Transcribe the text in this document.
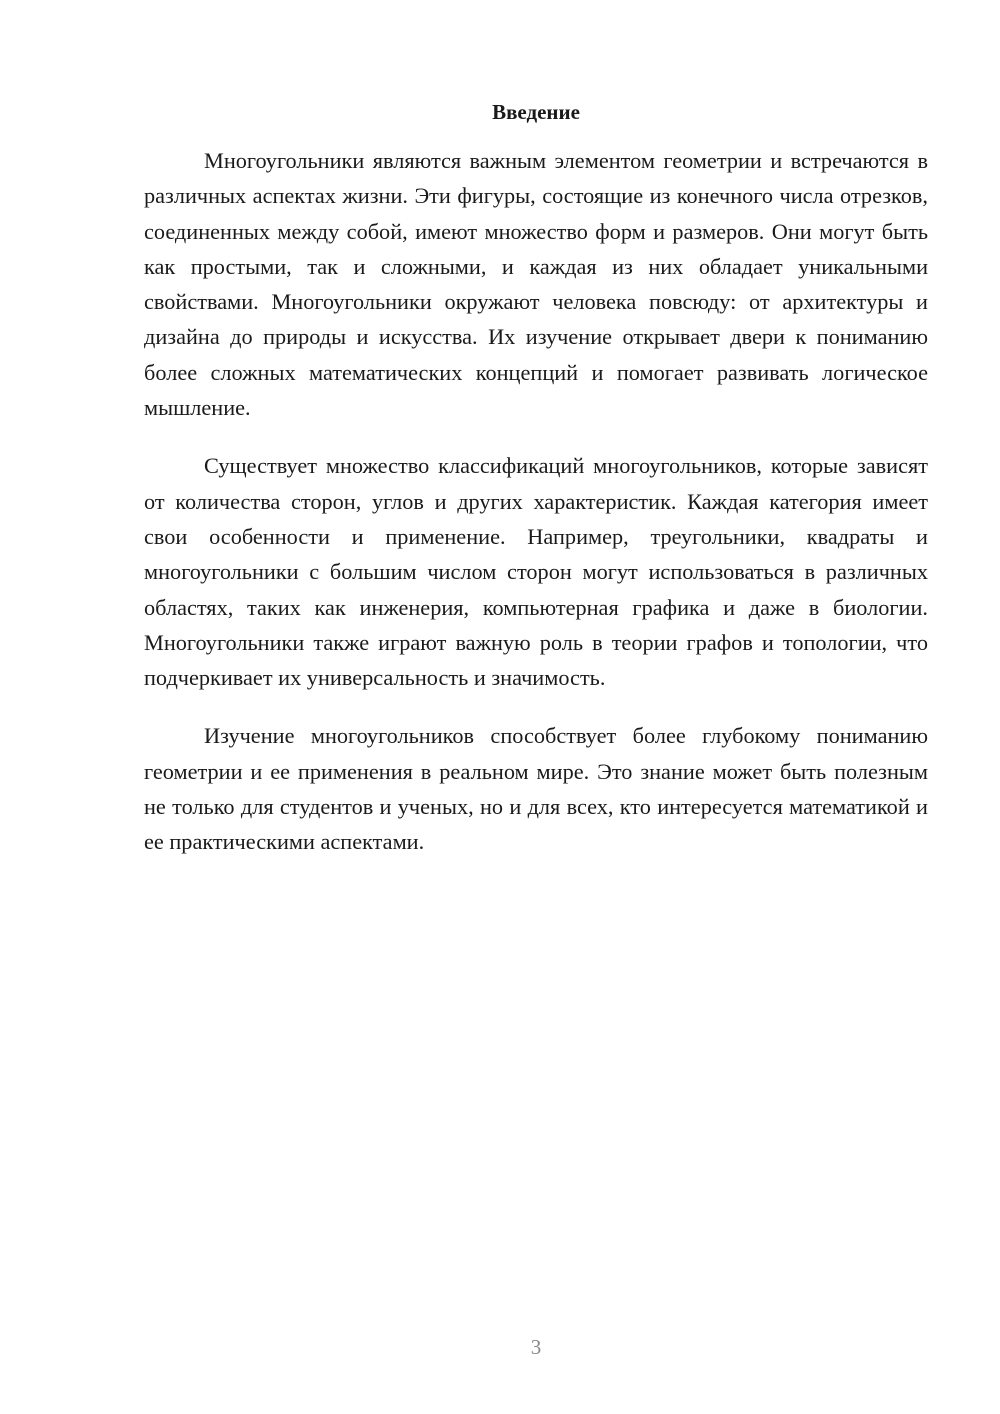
Введение

Многоугольники являются важным элементом геометрии и встречаются в различных аспектах жизни. Эти фигуры, состоящие из конечного числа отрезков, соединенных между собой, имеют множество форм и размеров. Они могут быть как простыми, так и сложными, и каждая из них обладает уникальными свойствами. Многоугольники окружают человека повсюду: от архитектуры и дизайна до природы и искусства. Их изучение открывает двери к пониманию более сложных математических концепций и помогает развивать логическое мышление.

Существует множество классификаций многоугольников, которые зависят от количества сторон, углов и других характеристик. Каждая категория имеет свои особенности и применение. Например, треугольники, квадраты и многоугольники с большим числом сторон могут использоваться в различных областях, таких как инженерия, компьютерная графика и даже в биологии. Многоугольники также играют важную роль в теории графов и топологии, что подчеркивает их универсальность и значимость.

Изучение многоугольников способствует более глубокому пониманию геометрии и ее применения в реальном мире. Это знание может быть полезным не только для студентов и ученых, но и для всех, кто интересуется математикой и ее практическими аспектами.

3
